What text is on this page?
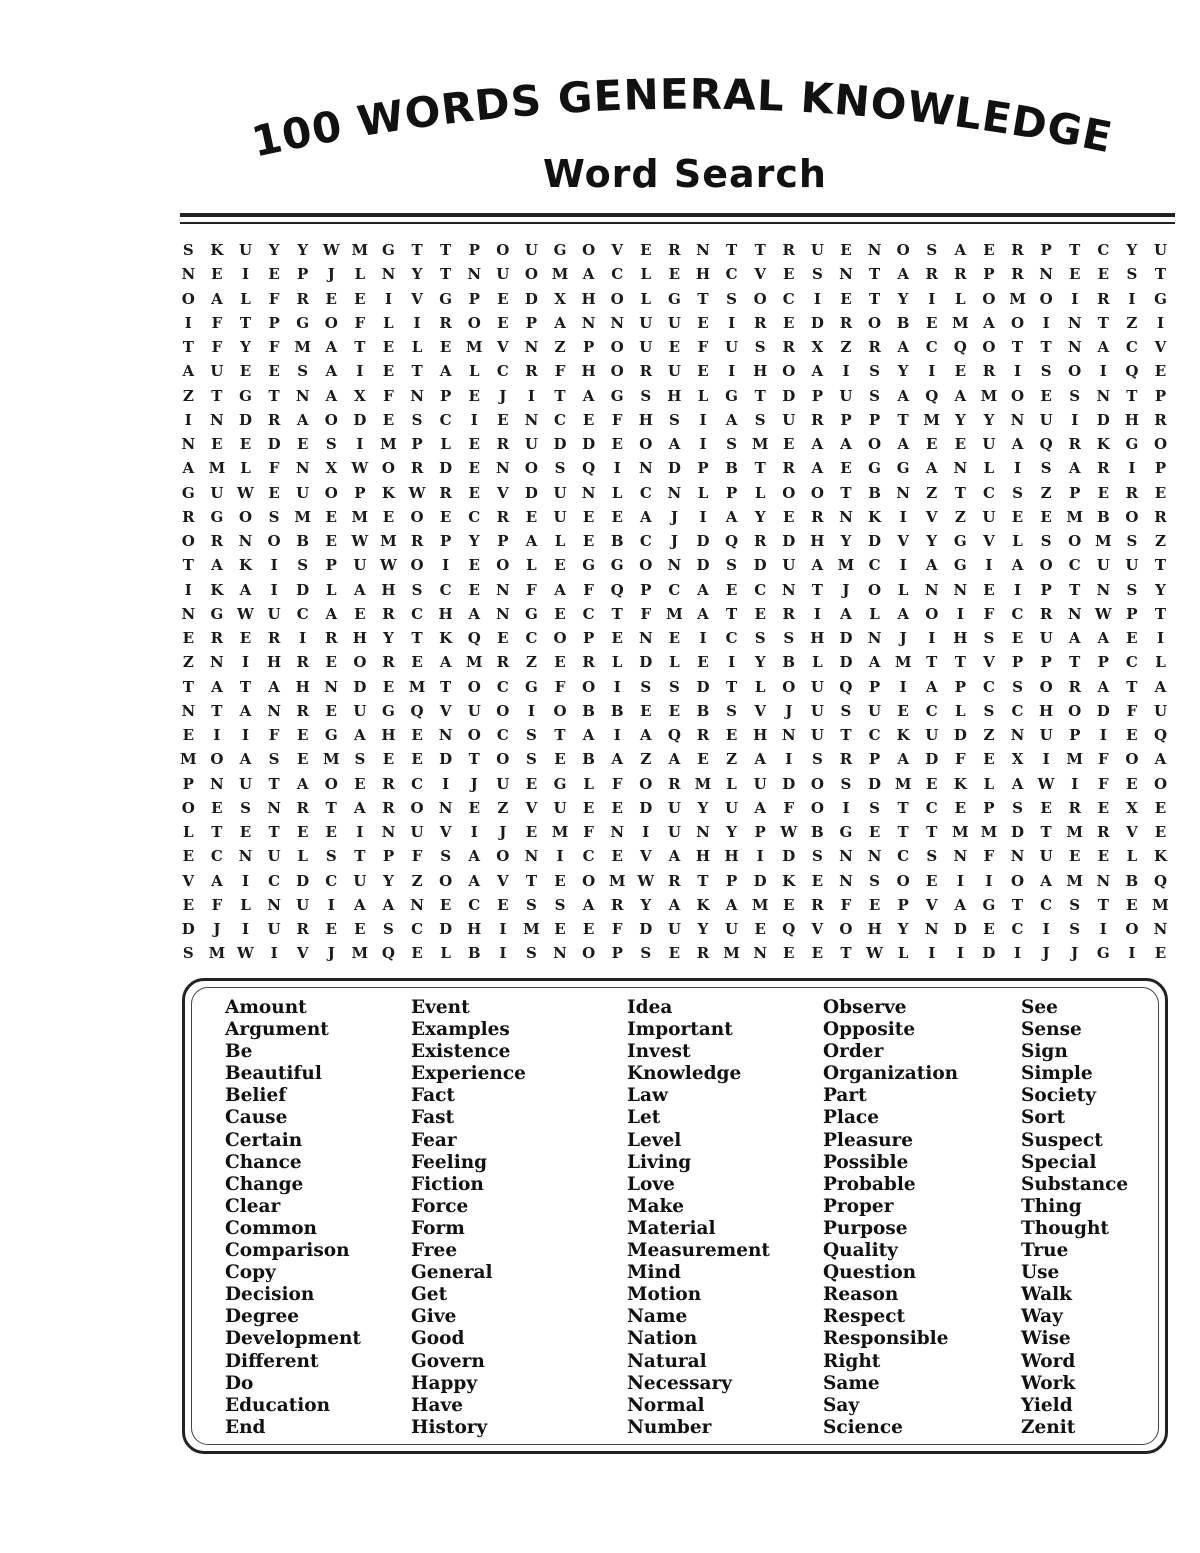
100 WORDS GENERAL KNOWLEDGE
Word Search
S	K	U	Y	Y W M G	T	T	P	O	U	G	O	V	E	R	N	T	T	R	U	E	N	O	S	A	E	R	P	T	C	Y	U
N	E	I	E	P	J	L	N	Y	T	N	U	O M A	C	L	E	H	C	V	E	S	N	T	A	R	R	P	R	N	E	E	S	T
O	A	L	F	R	E	E	I	V	G	P	E	D	X	H O	L	G	T	S	O	C	I	E	T	Y	I	L	O M O	I	R	I	G
I	F	T	P	G	O	F	L	I	R	O	E	P	A	N N	U	U	E	I	R	E	D	R	O	B	E M A	O	I	N	T	Z	I
T	F	Y	F M A	T	E	L	E M V	N	Z	P	O	U	E	F	U	S	R	X	Z	R	A	C	Q	O	T	T	N	A	C	V
A	U	E	E	S	A	I	E	T	A	L	C	R	F	H O	R	U	E	I	H O	A	I	S	Y	I	E	R	I	S	O	I	Q	E
Z	T	G	T	N	A	X	F	N	P	E	J	I	T	A	G	S	H	L	G	T	D	P	U	S	A	Q	A M O	E	S	N	T	P
I	N	D	R	A	O	D	E	S	C	I	E	N	C	E	F	H	S	I	A	S	U	R	P	P	T M Y	Y	N	U	I	D	H	R
N	E	E	D	E	S	I	M P	L	E	R	U	D	D	E	O	A	I	S M E	A	A	O	A	E	E	U	A	Q	R	K	G	O
A M	L	F	N	X W O	R	D	E	N	O	S	Q	I	N	D	P	B	T	R	A	E	G	G	A	N	L	I	S	A	R	I	P
G	U W E	U	O	P	K W R	E	V	D	U	N	L	C	N	L	P	L	O	O	T	B	N	Z	T	C	S	Z	P	E	R	E
R	G	O	S M E M E	O	E	C	R	E	U	E	E	A	J	I	A	Y	E	R	N	K	I	V	Z	U	E	E M B	O	R
O	R	N	O	B	E W M R	P	Y	P	A	L	E	B	C	J	D	Q	R	D	H	Y	D	V	Y	G	V	L	S	O M S	Z
T	A	K	I	S	P	U W O	I	E	O	L	E	G	G	O	N	D	S	D	U	A M C	I	A	G	I	A	O	C	U	U	T
I	K	A	I	D	L	A	H	S	C	E	N	F	A	F	Q	P	C	A	E	C	N	T	J	O	L	N N	E	I	P	T	N	S	Y
N	G W U	C	A	E	R	C	H	A	N	G	E	C	T	F M A	T	E	R	I	A	L	A	O	I	F	C	R	N W P	T
E	R	E	R	I	R	H	Y	T	K	Q	E	C	O	P	E	N	E	I	C	S	S	H D	N	J	I	H	S	E	U	A	A	E	I
Z	N	I	H	R	E	O	R	E	A M R	Z	E	R	L	D	L	E	I	Y	B	L	D	A M T	T	V	P	P	T	P	C	L
T	A	T	A	H N	D	E M T	O	C	G	F	O	I	S	S	D	T	L	O	U	Q	P	I	A	P	C	S	O	R	A	T	A
N	T	A	N	R	E	U	G	Q	V	U	O	I	O	B	B	E	E	B	S	V	J	U	S	U	E	C	L	S	C	H O	D	F	U
E	I	I	F	E	G	A	H	E	N	O	C	S	T	A	I	A	Q	R	E	H N	U	T	C	K	U	D	Z	N	U	P	I	E	Q
M O	A	S	E M S	E	E	D	T	O	S	E	B	A	Z	A	E	Z	A	I	S	R	P	A	D	F	E	X	I	M F	O	A
P	N	U	T	A	O	E	R	C	I	J	U	E	G	L	F	O	R M	L	U	D	O	S	D M E	K	L	A W	I	F	E	O
O	E	S	N	R	T	A	R	O	N	E	Z	V	U	E	E	D	U	Y	U	A	F	O	I	S	T	C	E	P	S	E	R	E	X	E
L	T	E	T	E	E	I	N	U	V	I	J	E M F	N	I	U	N	Y	P W B	G	E	T	T M M D	T M R	V	E
E	C	N	U	L	S	T	P	F	S	A	O	N	I	C	E	V	A	H H	I	D	S	N N	C	S	N	F	N	U	E	E	L	K
V	A	I	C	D	C	U	Y	Z	O	A	V	T	E	O M W R	T	P	D	K	E	N	S	O	E	I	I	O	A M N	B	Q
E	F	L	N	U	I	A	A	N	E	C	E	S	S	A	R	Y	A	K	A M E	R	F	E	P	V	A	G	T	C	S	T	E M
D	J	I	U	R	E	E	S	C	D	H	I	M E	E	F	D	U	Y	U	E	Q	V	O H	Y	N	D	E	C	I	S	I	O	N
S M W	I	V	J	M Q	E	L	B	I	S	N	O	P	S	E	R M N	E	E	T W L	I	I	D	I	J	J	G	I	E
Amount
Argument
Be
Beautiful
Belief
Cause
Certain
Chance
Change
Clear
Common
Comparison
Copy
Decision
Degree
Development
Different
Do
Education
End
Event
Examples
Existence
Experience
Fact
Fast
Fear
Feeling
Fiction
Force
Form
Free
General
Get
Give
Good
Govern
Happy
Have
History
Idea
Important
Invest
Knowledge
Law
Let
Level
Living
Love
Make
Material
Measurement
Mind
Motion
Name
Nation
Natural
Necessary
Normal
Number
Observe
Opposite
Order
Organization
Part
Place
Pleasure
Possible
Probable
Proper
Purpose
Quality
Question
Reason
Respect
Responsible
Right
Same
Say
Science
See
Sense
Sign
Simple
Society
Sort
Suspect
Special
Substance
Thing
Thought
True
Use
Walk
Way
Wise
Word
Work
Yield
Zenit
